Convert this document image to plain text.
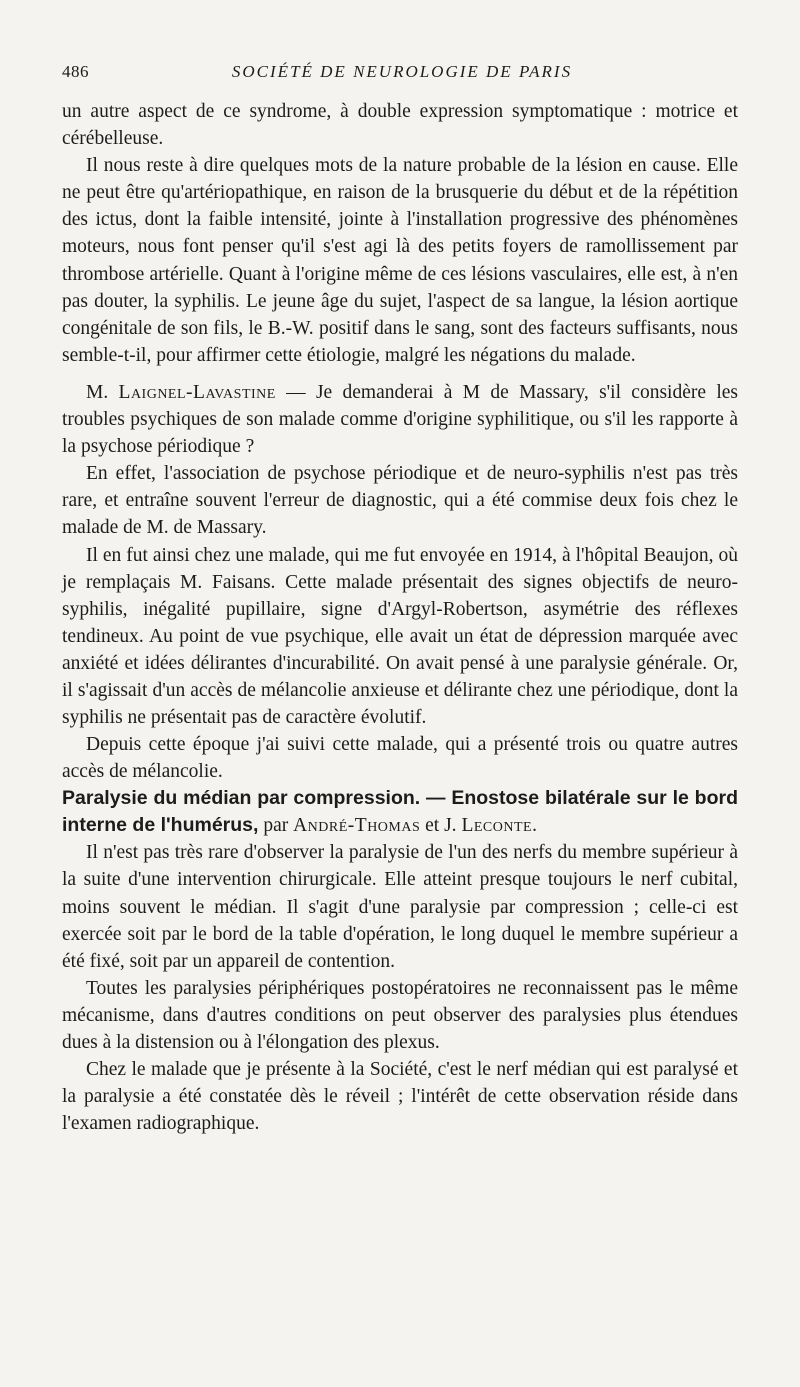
486	SOCIÉTÉ DE NEUROLOGIE DE PARIS

un autre aspect de ce syndrome, à double expression symptomatique : motrice et cérébelleuse.

Il nous reste à dire quelques mots de la nature probable de la lésion en cause. Elle ne peut être qu'artériopathique, en raison de la brusquerie du début et de la répétition des ictus, dont la faible intensité, jointe à l'installation progressive des phénomènes moteurs, nous font penser qu'il s'est agi là des petits foyers de ramollissement par thrombose artérielle. Quant à l'origine même de ces lésions vasculaires, elle est, à n'en pas douter, la syphilis. Le jeune âge du sujet, l'aspect de sa langue, la lésion aortique congénitale de son fils, le B.-W. positif dans le sang, sont des facteurs suffisants, nous semble-t-il, pour affirmer cette étiologie, malgré les négations du malade.

M. Laignel-Lavastine — Je demanderai à M de Massary, s'il considère les troubles psychiques de son malade comme d'origine syphilitique, ou s'il les rapporte à la psychose périodique ?

En effet, l'association de psychose périodique et de neuro-syphilis n'est pas très rare, et entraîne souvent l'erreur de diagnostic, qui a été commise deux fois chez le malade de M. de Massary.

Il en fut ainsi chez une malade, qui me fut envoyée en 1914, à l'hôpital Beaujon, où je remplaçais M. Faisans. Cette malade présentait des signes objectifs de neuro-syphilis, inégalité pupillaire, signe d'Argyl-Robertson, asymétrie des réflexes tendineux. Au point de vue psychique, elle avait un état de dépression marquée avec anxiété et idées délirantes d'incurabilité. On avait pensé à une paralysie générale. Or, il s'agissait d'un accès de mélancolie anxieuse et délirante chez une périodique, dont la syphilis ne présentait pas de caractère évolutif.

Depuis cette époque j'ai suivi cette malade, qui a présenté trois ou quatre autres accès de mélancolie.

Paralysie du médian par compression. — Enostose bilatérale sur le bord interne de l'humérus, par André-Thomas et J. Leconte.

Il n'est pas très rare d'observer la paralysie de l'un des nerfs du membre supérieur à la suite d'une intervention chirurgicale. Elle atteint presque toujours le nerf cubital, moins souvent le médian. Il s'agit d'une paralysie par compression ; celle-ci est exercée soit par le bord de la table d'opération, le long duquel le membre supérieur a été fixé, soit par un appareil de contention.

Toutes les paralysies périphériques postopératoires ne reconnaissent pas le même mécanisme, dans d'autres conditions on peut observer des paralysies plus étendues dues à la distension ou à l'élongation des plexus.

Chez le malade que je présente à la Société, c'est le nerf médian qui est paralysé et la paralysie a été constatée dès le réveil ; l'intérêt de cette observation réside dans l'examen radiographique.
